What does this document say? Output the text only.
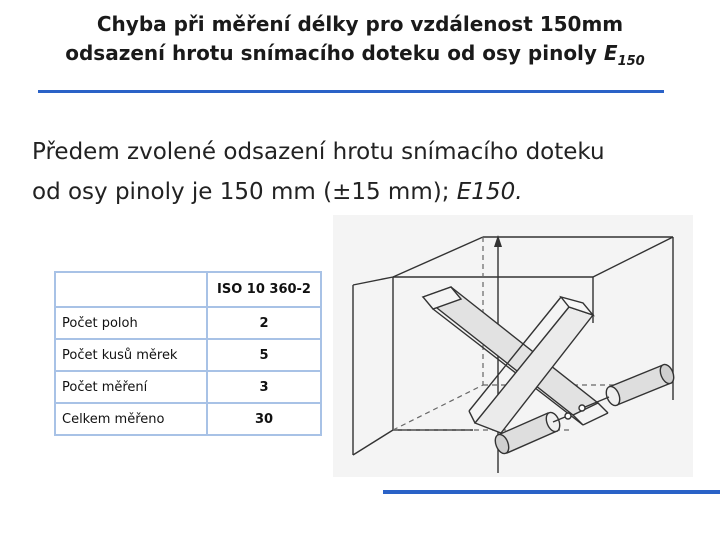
Chyba při měření délky pro vzdálenost 150mm
odsazení hrotu snímacího doteku od osy pinoly $E_{150}$
Předem zvolené odsazení hrotu snímacího doteku
od osy pinoly je 150 mm (±15 mm); E150.
	ISO 10 360-2
Počet poloh	2
Počet kusů měrek	5
Počet měření	3
Celkem měřeno	30
